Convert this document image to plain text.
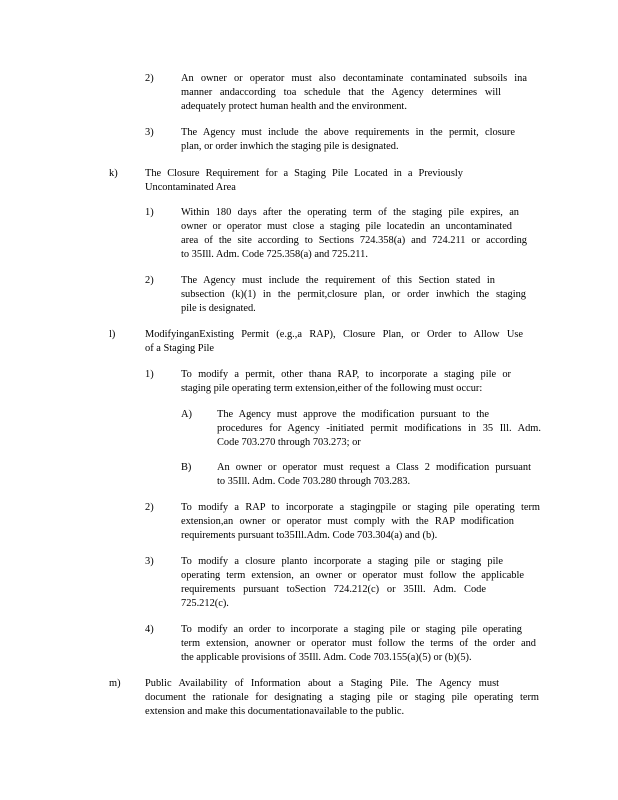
2)	An owner or operator must also decontaminate contaminated subsoils ina
manner andaccording toa schedule that the Agency determines will
adequately protect human health and the environment.
3)	The Agency must include the above requirements in the permit, closure
plan, or order inwhich the staging pile is designated.
k)	The Closure Requirement for a Staging Pile Located in a Previously
Uncontaminated Area
1)	Within 180 days after the operating term of the staging pile expires, an
owner or operator must close a staging pile locatedin an uncontaminated
area of the site according to Sections 724.358(a) and 724.211 or according
to 35Ill. Adm. Code 725.358(a) and 725.211.
2)	The Agency must include the requirement of this Section stated in
subsection (k)(1) in the permit,closure plan, or order inwhich the staging
pile is designated.
l)	ModifyinganExisting Permit (e.g.,a RAP), Closure Plan, or Order to Allow Use
of a Staging Pile
1)	To modify a permit, other thana RAP, to incorporate a staging pile or
staging pile operating term extension,either of the following must occur:
A) The Agency must approve the modification pursuant to the
procedures for Agency -initiated permit modifications in 35 Ill. Adm.
Code 703.270 through 703.273; or
B) An owner or operator must request a Class 2 modification pursuant
to 35Ill. Adm. Code 703.280 through 703.283.
2)	To modify a RAP to incorporate a stagingpile or staging pile operating term
extension,an owner or operator must comply with the RAP modification
requirements pursuant to35Ill.Adm. Code 703.304(a) and (b).
3)	To modify a closure planto incorporate a staging pile or staging pile
operating term extension, an owner or operator must follow the applicable
requirements pursuant toSection 724.212(c) or 35Ill. Adm. Code
725.212(c).
4)	To modify an order to incorporate a staging pile or staging pile operating
term extension, anowner or operator must follow the terms of the order and
the applicable provisions of 35Ill. Adm. Code 703.155(a)(5) or (b)(5).
m) Public Availability of Information about a Staging Pile. The Agency must
document the rationale for designating a staging pile or staging pile operating term
extension and make this documentationavailable to the public.
